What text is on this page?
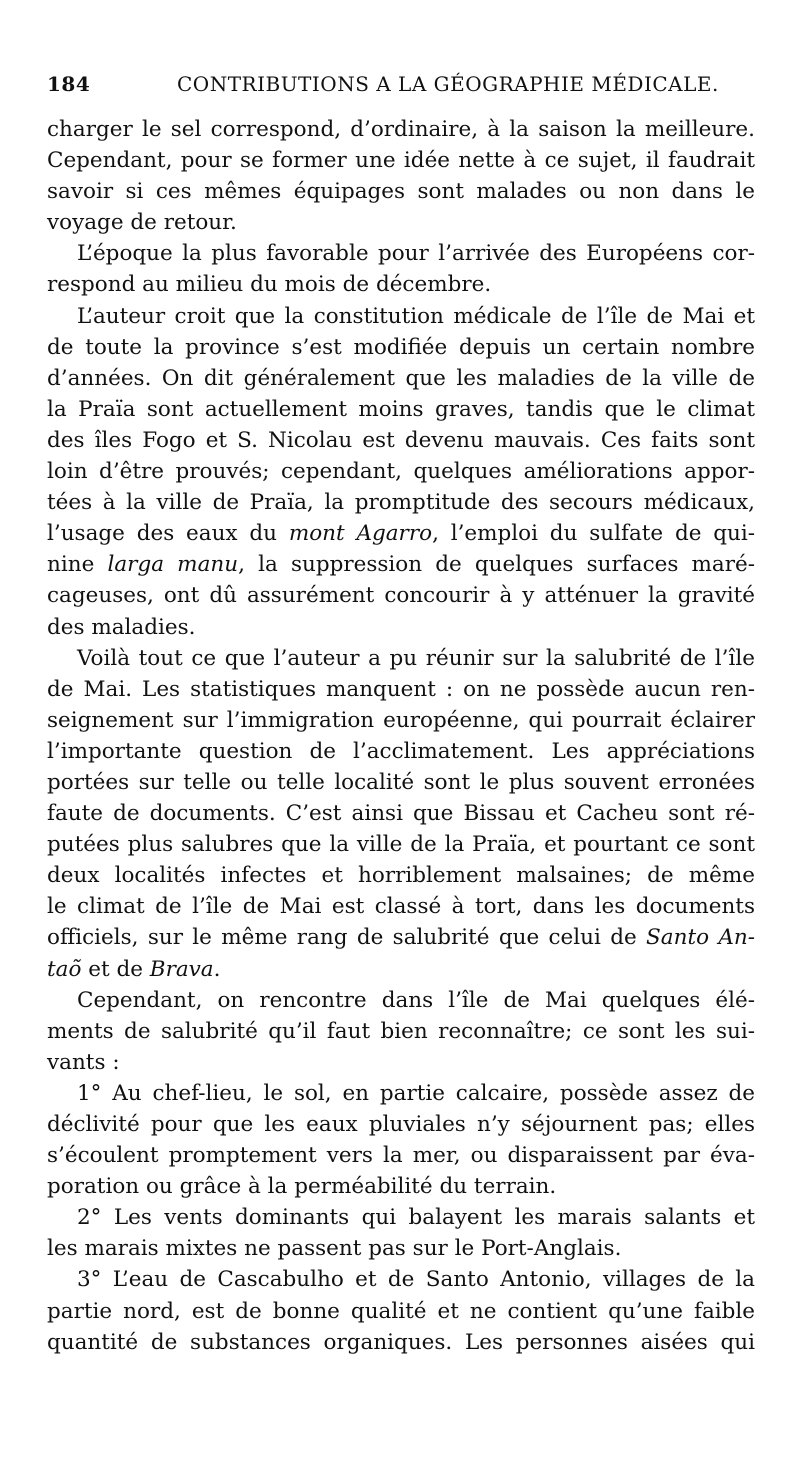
184	CONTRIBUTIONS A LA GÉOGRAPHIE MÉDICALE.

charger le sel correspond, d’ordinaire, à la saison la meilleure.
Cependant, pour se former une idée nette à ce sujet, il faudrait
savoir si ces mêmes équipages sont malades ou non dans le
voyage de retour.

L’époque la plus favorable pour l’arrivée des Européens cor-
respond au milieu du mois de décembre.

L’auteur croit que la constitution médicale de l’île de Mai et
de toute la province s’est modifiée depuis un certain nombre
d’années. On dit généralement que les maladies de la ville de
la Praïa sont actuellement moins graves, tandis que le climat
des îles Fogo et S. Nicolau est devenu mauvais. Ces faits sont
loin d’être prouvés; cependant, quelques améliorations appor-
tées à la ville de Praïa, la promptitude des secours médicaux,
l’usage des eaux du mont Agarro, l’emploi du sulfate de qui-
nine larga manu, la suppression de quelques surfaces maré-
cageuses, ont dû assurément concourir à y atténuer la gravité
des maladies.

Voilà tout ce que l’auteur a pu réunir sur la salubrité de l’île
de Mai. Les statistiques manquent : on ne possède aucun ren-
seignement sur l’immigration européenne, qui pourrait éclairer
l’importante question de l’acclimatement. Les appréciations
portées sur telle ou telle localité sont le plus souvent erronées
faute de documents. C’est ainsi que Bissau et Cacheu sont ré-
putées plus salubres que la ville de la Praïa, et pourtant ce sont
deux localités infectes et horriblement malsaines; de même
le climat de l’île de Mai est classé à tort, dans les documents
officiels, sur le même rang de salubrité que celui de Santo An-
taõ et de Brava.

Cependant, on rencontre dans l’île de Mai quelques élé-
ments de salubrité qu’il faut bien reconnaître; ce sont les sui-
vants :

1° Au chef-lieu, le sol, en partie calcaire, possède assez de
déclivité pour que les eaux pluviales n’y séjournent pas; elles
s’écoulent promptement vers la mer, ou disparaissent par éva-
poration ou grâce à la perméabilité du terrain.

2° Les vents dominants qui balayent les marais salants et
les marais mixtes ne passent pas sur le Port-Anglais.

3° L’eau de Cascabulho et de Santo Antonio, villages de la
partie nord, est de bonne qualité et ne contient qu’une faible
quantité de substances organiques. Les personnes aisées qui
